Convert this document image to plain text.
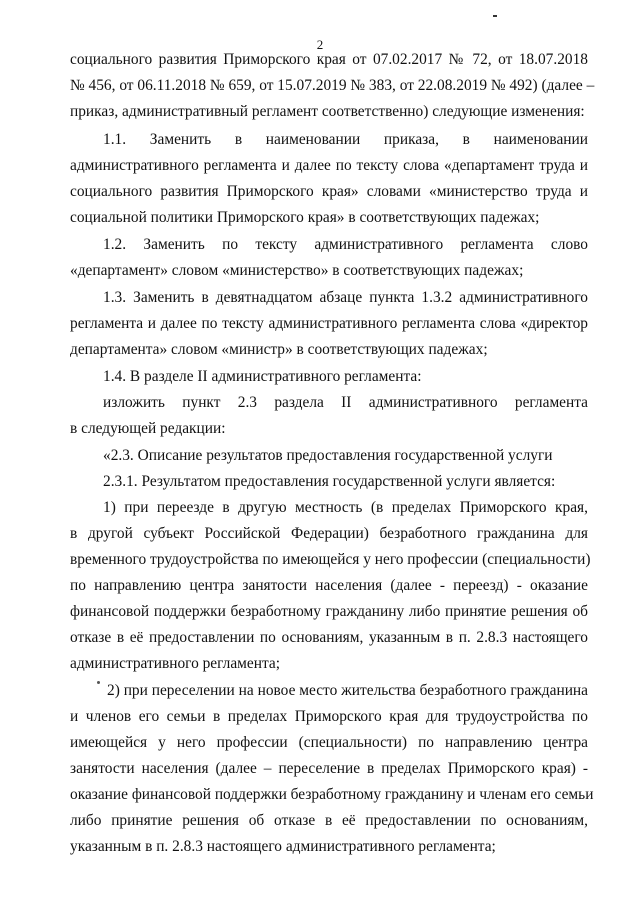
2
социального развития Приморского края от 07.02.2017 № 72, от 18.07.2018
№ 456, от 06.11.2018 № 659, от 15.07.2019 № 383, от 22.08.2019 № 492) (далее –
приказ, административный регламент соответственно) следующие изменения:
1.1. Заменить в наименовании приказа, в наименовании
административного регламента и далее по тексту слова «департамент труда и
социального развития Приморского края» словами «министерство труда и
социальной политики Приморского края» в соответствующих падежах;
1.2. Заменить по тексту административного регламента слово
«департамент» словом «министерство» в соответствующих падежах;
1.3. Заменить в девятнадцатом абзаце пункта 1.3.2 административного
регламента и далее по тексту административного регламента слова «директор
департамента» словом «министр» в соответствующих падежах;
1.4. В разделе II административного регламента:
изложить пункт 2.3 раздела II административного регламента
в следующей редакции:
«2.3. Описание результатов предоставления государственной услуги
2.3.1. Результатом предоставления государственной услуги является:
1) при переезде в другую местность (в пределах Приморского края,
в другой субъект Российской Федерации) безработного гражданина для
временного трудоустройства по имеющейся у него профессии (специальности)
по направлению центра занятости населения (далее - переезд) - оказание
финансовой поддержки безработному гражданину либо принятие решения об
отказе в её предоставлении по основаниям, указанным в п. 2.8.3 настоящего
административного регламента;
2) при переселении на новое место жительства безработного гражданина
и членов его семьи в пределах Приморского края для трудоустройства по
имеющейся у него профессии (специальности) по направлению центра
занятости населения (далее – переселение в пределах Приморского края) -
оказание финансовой поддержки безработному гражданину и членам его семьи
либо принятие решения об отказе в её предоставлении по основаниям,
указанным в п. 2.8.3 настоящего административного регламента;
